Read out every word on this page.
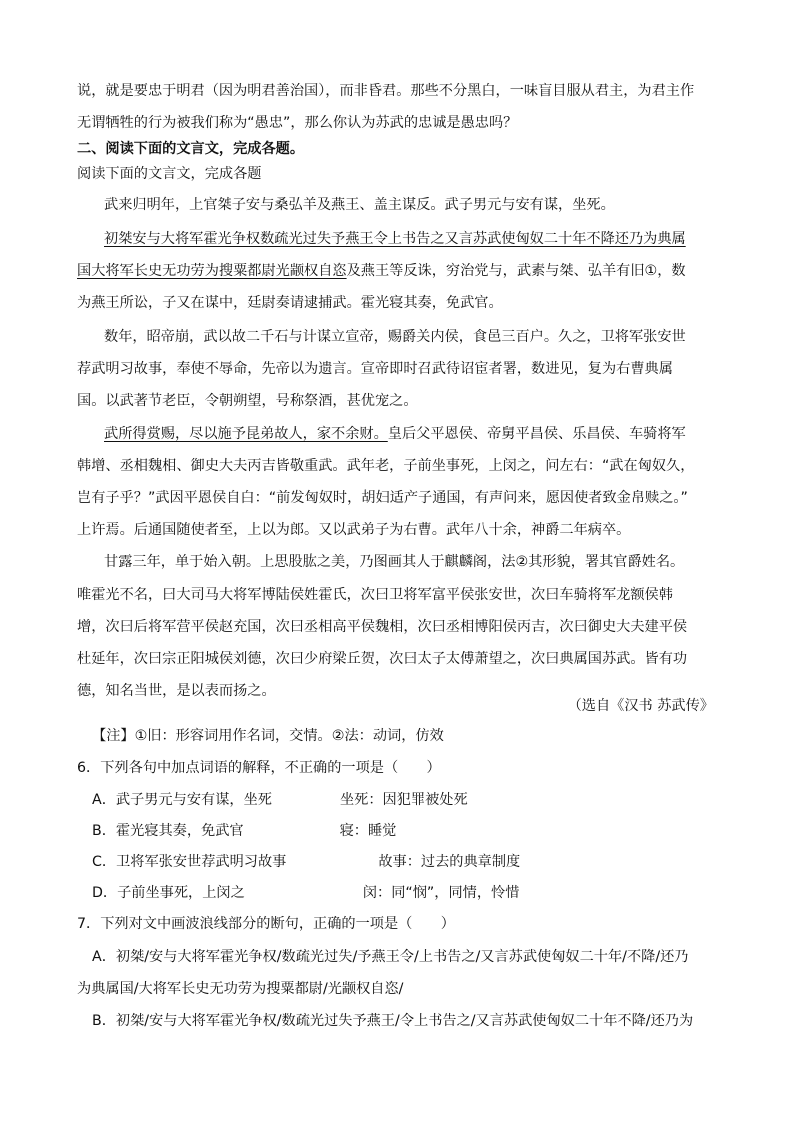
说，就是要忠于明君（因为明君善治国），而非昏君。那些不分黑白，一味盲目服从君主，为君主作
无谓牺牲的行为被我们称为“愚忠”，那么你认为苏武的忠诚是愚忠吗？
二、阅读下面的文言文，完成各题。
阅读下面的文言文，完成各题
武来归明年，上官桀子安与桑弘羊及燕王、盖主谋反。武子男元与安有谋，坐死。
初桀安与大将军霍光争权数疏光过失予燕王令上书告之又言苏武使匈奴二十年不降还乃为典属
国大将军长史无功劳为搜粟都尉光颛权自恣及燕王等反诛，穷治党与，武素与桀、弘羊有旧①，数
为燕王所讼，子又在谋中，廷尉奏请逮捕武。霍光寝其奏，免武官。
数年，昭帝崩，武以故二千石与计谋立宣帝，赐爵关内侯，食邑三百户。久之，卫将军张安世
荐武明习故事，奉使不辱命，先帝以为遗言。宣帝即时召武待诏宦者署，数进见，复为右曹典属
国。以武著节老臣，令朝朔望，号称祭酒，甚优宠之。
武所得赏赐，尽以施予昆弟故人，家不余财。皇后父平恩侯、帝舅平昌侯、乐昌侯、车骑将军
韩增、丞相魏相、御史大夫丙吉皆敬重武。武年老，子前坐事死，上闵之，问左右：“武在匈奴久，
岂有子乎？”武因平恩侯自白：“前发匈奴时，胡妇适产子通国，有声问来，愿因使者致金帛赎之。”
上许焉。后通国随使者至，上以为郎。又以武弟子为右曹。武年八十余，神爵二年病卒。
甘露三年，单于始入朝。上思股肱之美，乃图画其人于麒麟阁，法②其形貌，署其官爵姓名。
唯霍光不名，曰大司马大将军博陆侯姓霍氏，次曰卫将军富平侯张安世，次曰车骑将军龙额侯韩
增，次曰后将军营平侯赵充国，次曰丞相高平侯魏相，次曰丞相博阳侯丙吉，次曰御史大夫建平侯
杜延年，次曰宗正阳城侯刘德，次曰少府梁丘贺，次曰太子太傅萧望之，次曰典属国苏武。皆有功
德，知名当世，是以表而扬之。
（选自《汉书 苏武传》
【注】①旧：形容词用作名词，交情。②法：动词，仿效
6．下列各句中加点词语的解释，不正确的一项是（　　）
A．武子男元与安有谋，坐死	坐死：因犯罪被处死
B．霍光寝其奏，免武官	寝：睡觉
C．卫将军张安世荐武明习故事	故事：过去的典章制度
D．子前坐事死，上闵之	闵：同“悯”，同情，怜惜
7．下列对文中画波浪线部分的断句，正确的一项是（　　）
A．初桀/安与大将军霍光争权/数疏光过失/予燕王令/上书告之/又言苏武使匈奴二十年/不降/还乃
为典属国/大将军长史无功劳为搜粟都尉/光颛权自恣/
B．初桀/安与大将军霍光争权/数疏光过失予燕王/令上书告之/又言苏武使匈奴二十年不降/还乃为
